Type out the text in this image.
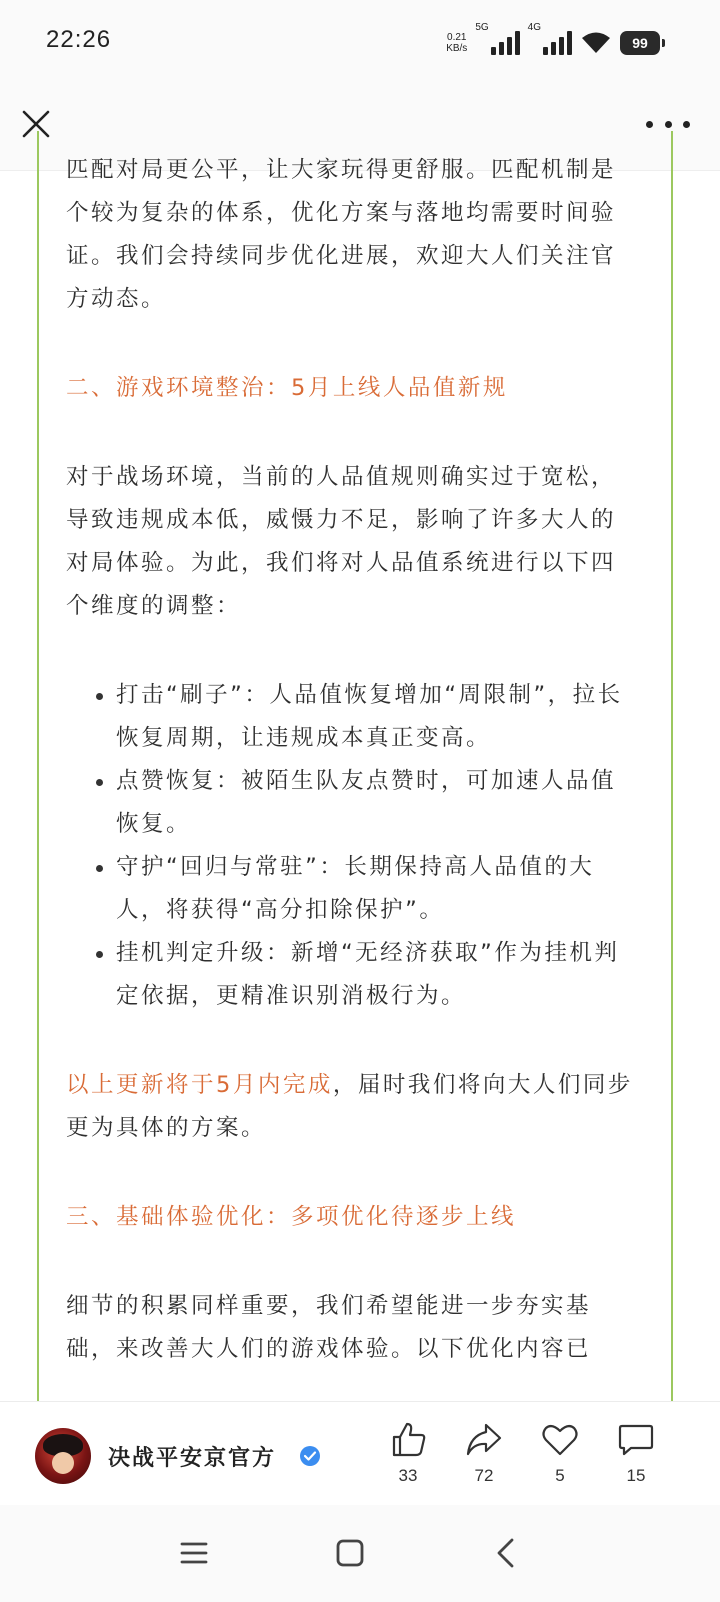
22:26	0.21
KB/s
5G	4G
99

匹配对局更公平，让大家玩得更舒服。匹配机制是个较为复杂的体系，优化方案与落地均需要时间验证。我们会持续同步优化进展，欢迎大人们关注官方动态。

二、游戏环境整治：5月上线人品值新规

对于战场环境，当前的人品值规则确实过于宽松，导致违规成本低，威慑力不足，影响了许多大人的对局体验。为此，我们将对人品值系统进行以下四个维度的调整：

打击“刷子”：人品值恢复增加“周限制”，拉长恢复周期，让违规成本真正变高。
点赞恢复：被陌生队友点赞时，可加速人品值恢复。
守护“回归与常驻”：长期保持高人品值的大人，将获得“高分扣除保护”。
挂机判定升级：新增“无经济获取”作为挂机判定依据，更精准识别消极行为。

以上更新将于5月内完成，届时我们将向大人们同步更为具体的方案。

三、基础体验优化：多项优化待逐步上线

细节的积累同样重要，我们希望能进一步夯实基础，来改善大人们的游戏体验。以下优化内容已

决战平安京官方
33	72	5	15
